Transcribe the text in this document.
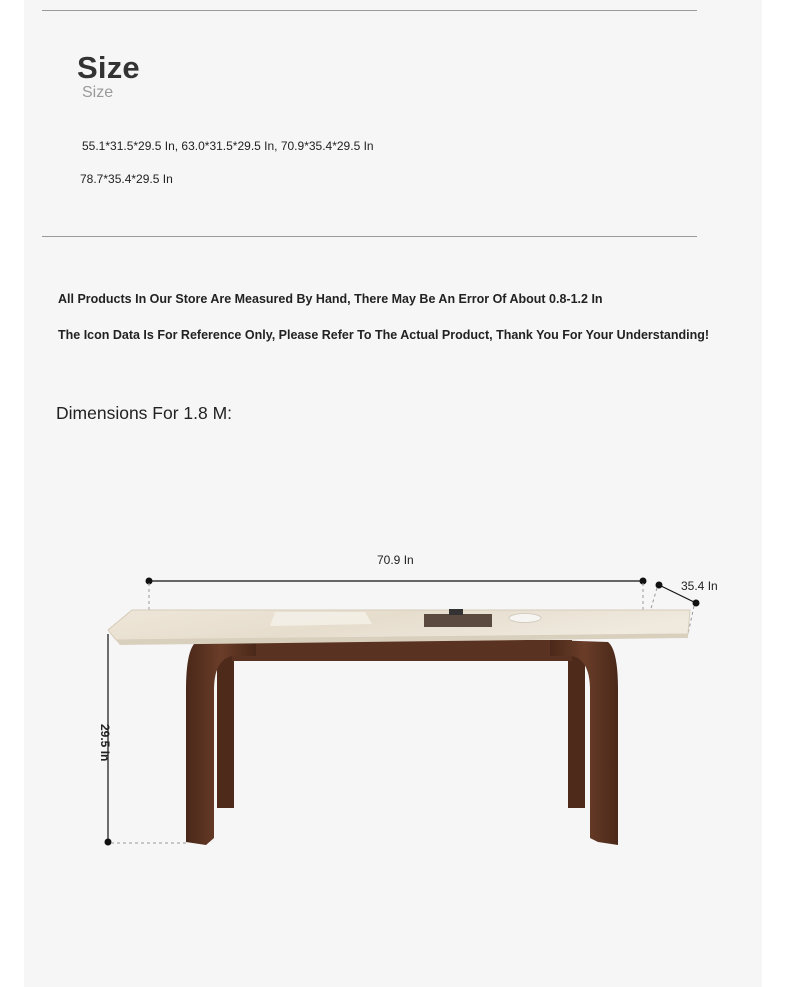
Size
Size
55.1*31.5*29.5 In, 63.0*31.5*29.5 In, 70.9*35.4*29.5 In
78.7*35.4*29.5 In
All Products In Our Store Are Measured By Hand, There May Be An Error Of About 0.8-1.2 In
The Icon Data Is For Reference Only, Please Refer To The Actual Product, Thank You For Your Understanding!
Dimensions For 1.8 M:
70.9 In
35.4 In
29.5 In
